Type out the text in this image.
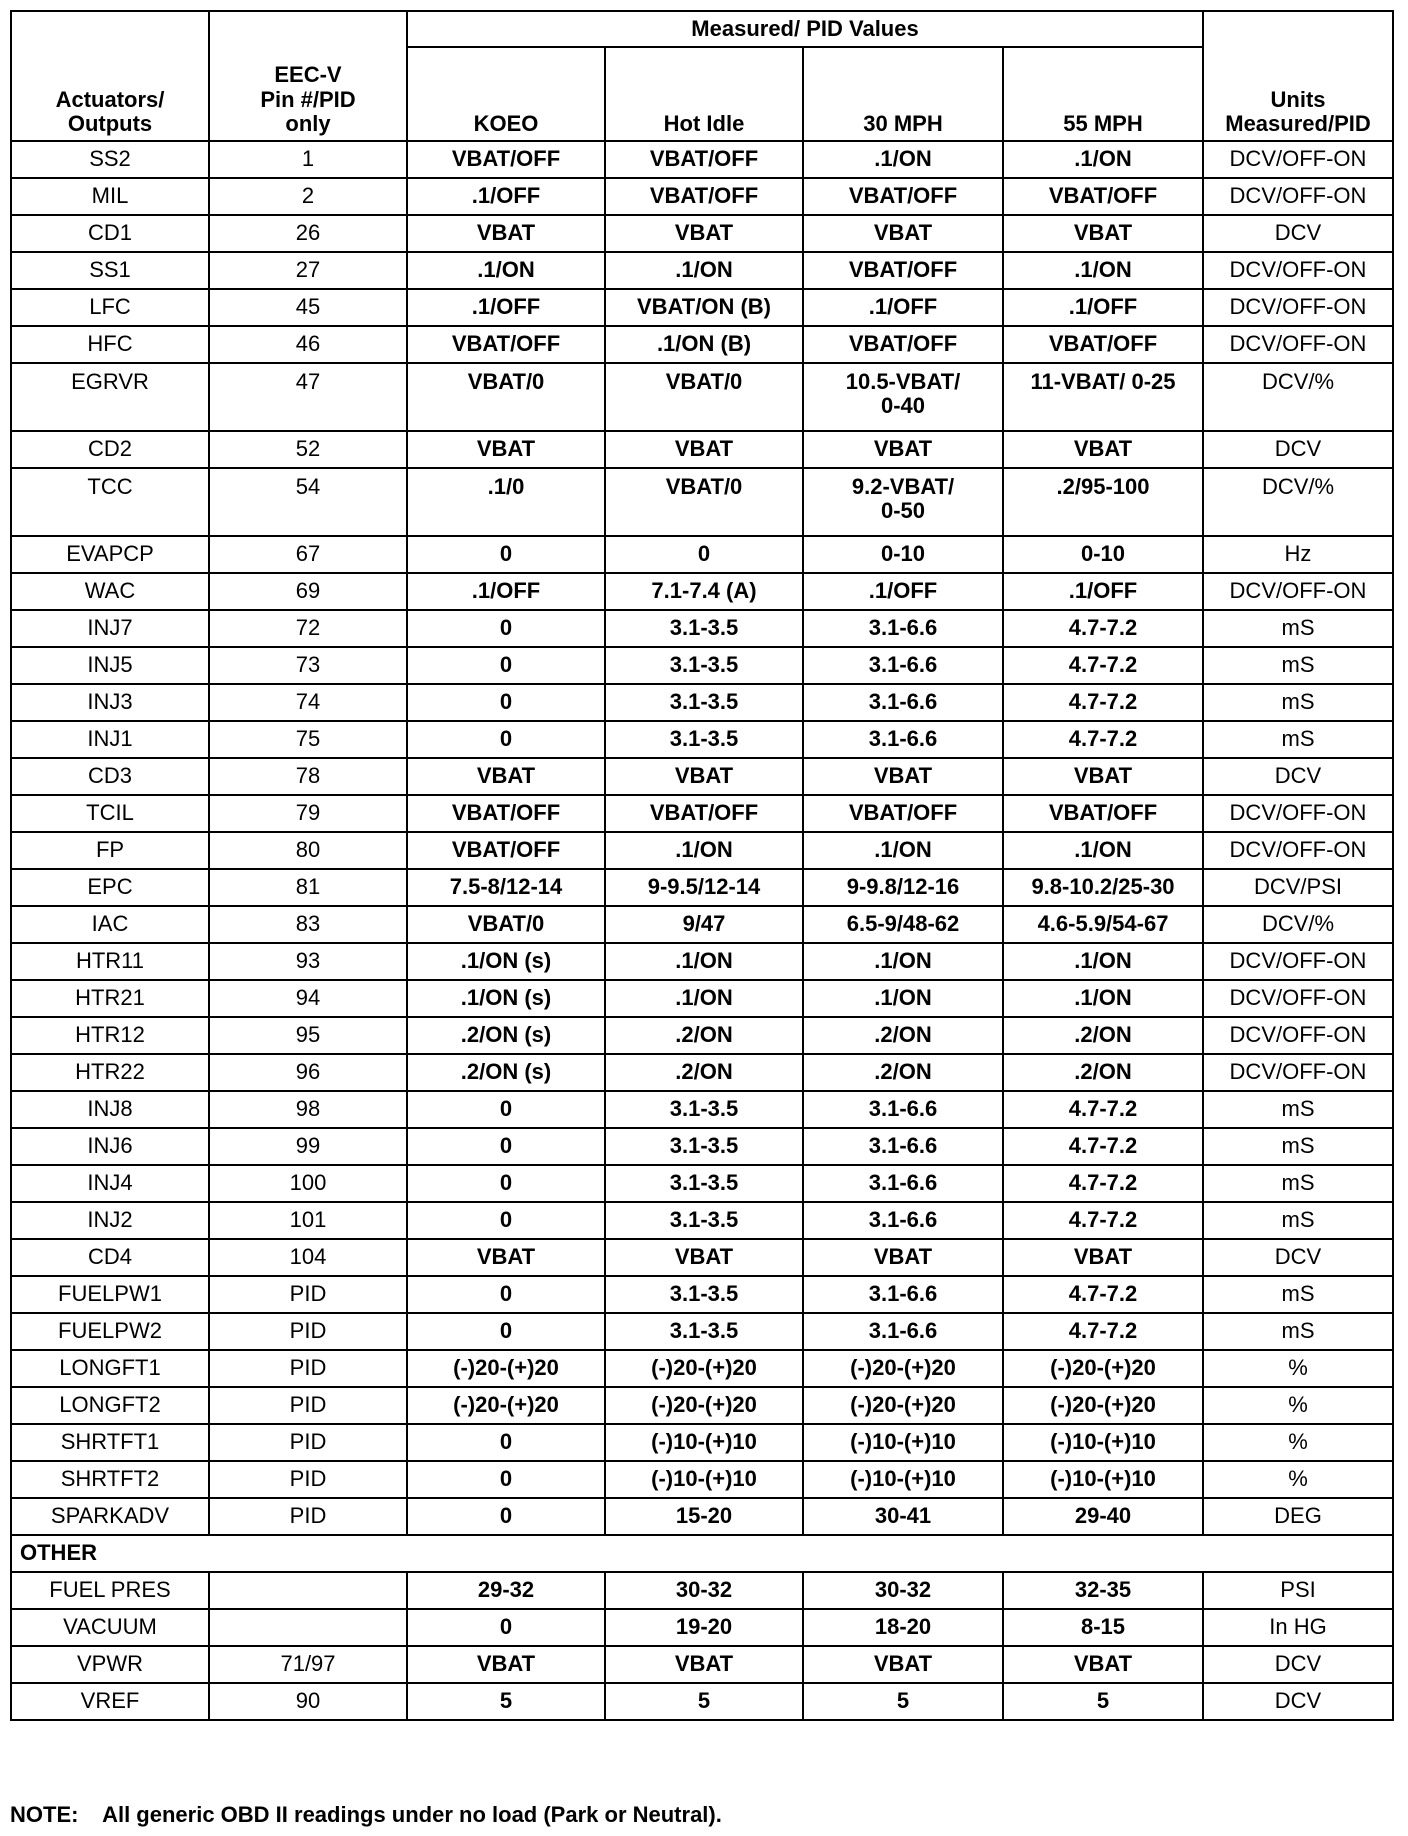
Actuators/
Outputs	EEC-V
Pin #/PID
only	Measured/ PID Values				Units
Measured/PID
		KOEO	Hot Idle	30 MPH	55 MPH	
SS2	1	VBAT/OFF	VBAT/OFF	.1/ON	.1/ON	DCV/OFF-ON
MIL	2	.1/OFF	VBAT/OFF	VBAT/OFF	VBAT/OFF	DCV/OFF-ON
CD1	26	VBAT	VBAT	VBAT	VBAT	DCV
SS1	27	.1/ON	.1/ON	VBAT/OFF	.1/ON	DCV/OFF-ON
LFC	45	.1/OFF	VBAT/ON (B)	.1/OFF	.1/OFF	DCV/OFF-ON
HFC	46	VBAT/OFF	.1/ON (B)	VBAT/OFF	VBAT/OFF	DCV/OFF-ON
EGRVR	47	VBAT/0	VBAT/0	10.5-VBAT/
0-40	11-VBAT/ 0-25	DCV/%
CD2	52	VBAT	VBAT	VBAT	VBAT	DCV
TCC	54	.1/0	VBAT/0	9.2-VBAT/
0-50	.2/95-100	DCV/%
EVAPCP	67	0	0	0-10	0-10	Hz
WAC	69	.1/OFF	7.1-7.4 (A)	.1/OFF	.1/OFF	DCV/OFF-ON
INJ7	72	0	3.1-3.5	3.1-6.6	4.7-7.2	mS
INJ5	73	0	3.1-3.5	3.1-6.6	4.7-7.2	mS
INJ3	74	0	3.1-3.5	3.1-6.6	4.7-7.2	mS
INJ1	75	0	3.1-3.5	3.1-6.6	4.7-7.2	mS
CD3	78	VBAT	VBAT	VBAT	VBAT	DCV
TCIL	79	VBAT/OFF	VBAT/OFF	VBAT/OFF	VBAT/OFF	DCV/OFF-ON
FP	80	VBAT/OFF	.1/ON	.1/ON	.1/ON	DCV/OFF-ON
EPC	81	7.5-8/12-14	9-9.5/12-14	9-9.8/12-16	9.8-10.2/25-30	DCV/PSI
IAC	83	VBAT/0	9/47	6.5-9/48-62	4.6-5.9/54-67	DCV/%
HTR11	93	.1/ON (s)	.1/ON	.1/ON	.1/ON	DCV/OFF-ON
HTR21	94	.1/ON (s)	.1/ON	.1/ON	.1/ON	DCV/OFF-ON
HTR12	95	.2/ON (s)	.2/ON	.2/ON	.2/ON	DCV/OFF-ON
HTR22	96	.2/ON (s)	.2/ON	.2/ON	.2/ON	DCV/OFF-ON
INJ8	98	0	3.1-3.5	3.1-6.6	4.7-7.2	mS
INJ6	99	0	3.1-3.5	3.1-6.6	4.7-7.2	mS
INJ4	100	0	3.1-3.5	3.1-6.6	4.7-7.2	mS
INJ2	101	0	3.1-3.5	3.1-6.6	4.7-7.2	mS
CD4	104	VBAT	VBAT	VBAT	VBAT	DCV
FUELPW1	PID	0	3.1-3.5	3.1-6.6	4.7-7.2	mS
FUELPW2	PID	0	3.1-3.5	3.1-6.6	4.7-7.2	mS
LONGFT1	PID	(-)20-(+)20	(-)20-(+)20	(-)20-(+)20	(-)20-(+)20	%
LONGFT2	PID	(-)20-(+)20	(-)20-(+)20	(-)20-(+)20	(-)20-(+)20	%
SHRTFT1	PID	0	(-)10-(+)10	(-)10-(+)10	(-)10-(+)10	%
SHRTFT2	PID	0	(-)10-(+)10	(-)10-(+)10	(-)10-(+)10	%
SPARKADV	PID	0	15-20	30-41	29-40	DEG
OTHER						
FUEL PRES		29-32	30-32	30-32	32-35	PSI
VACUUM		0	19-20	18-20	8-15	In HG
VPWR	71/97	VBAT	VBAT	VBAT	VBAT	DCV
VREF	90	5	5	5	5	DCV
NOTE:    All generic OBD II readings under no load (Park or Neutral).
